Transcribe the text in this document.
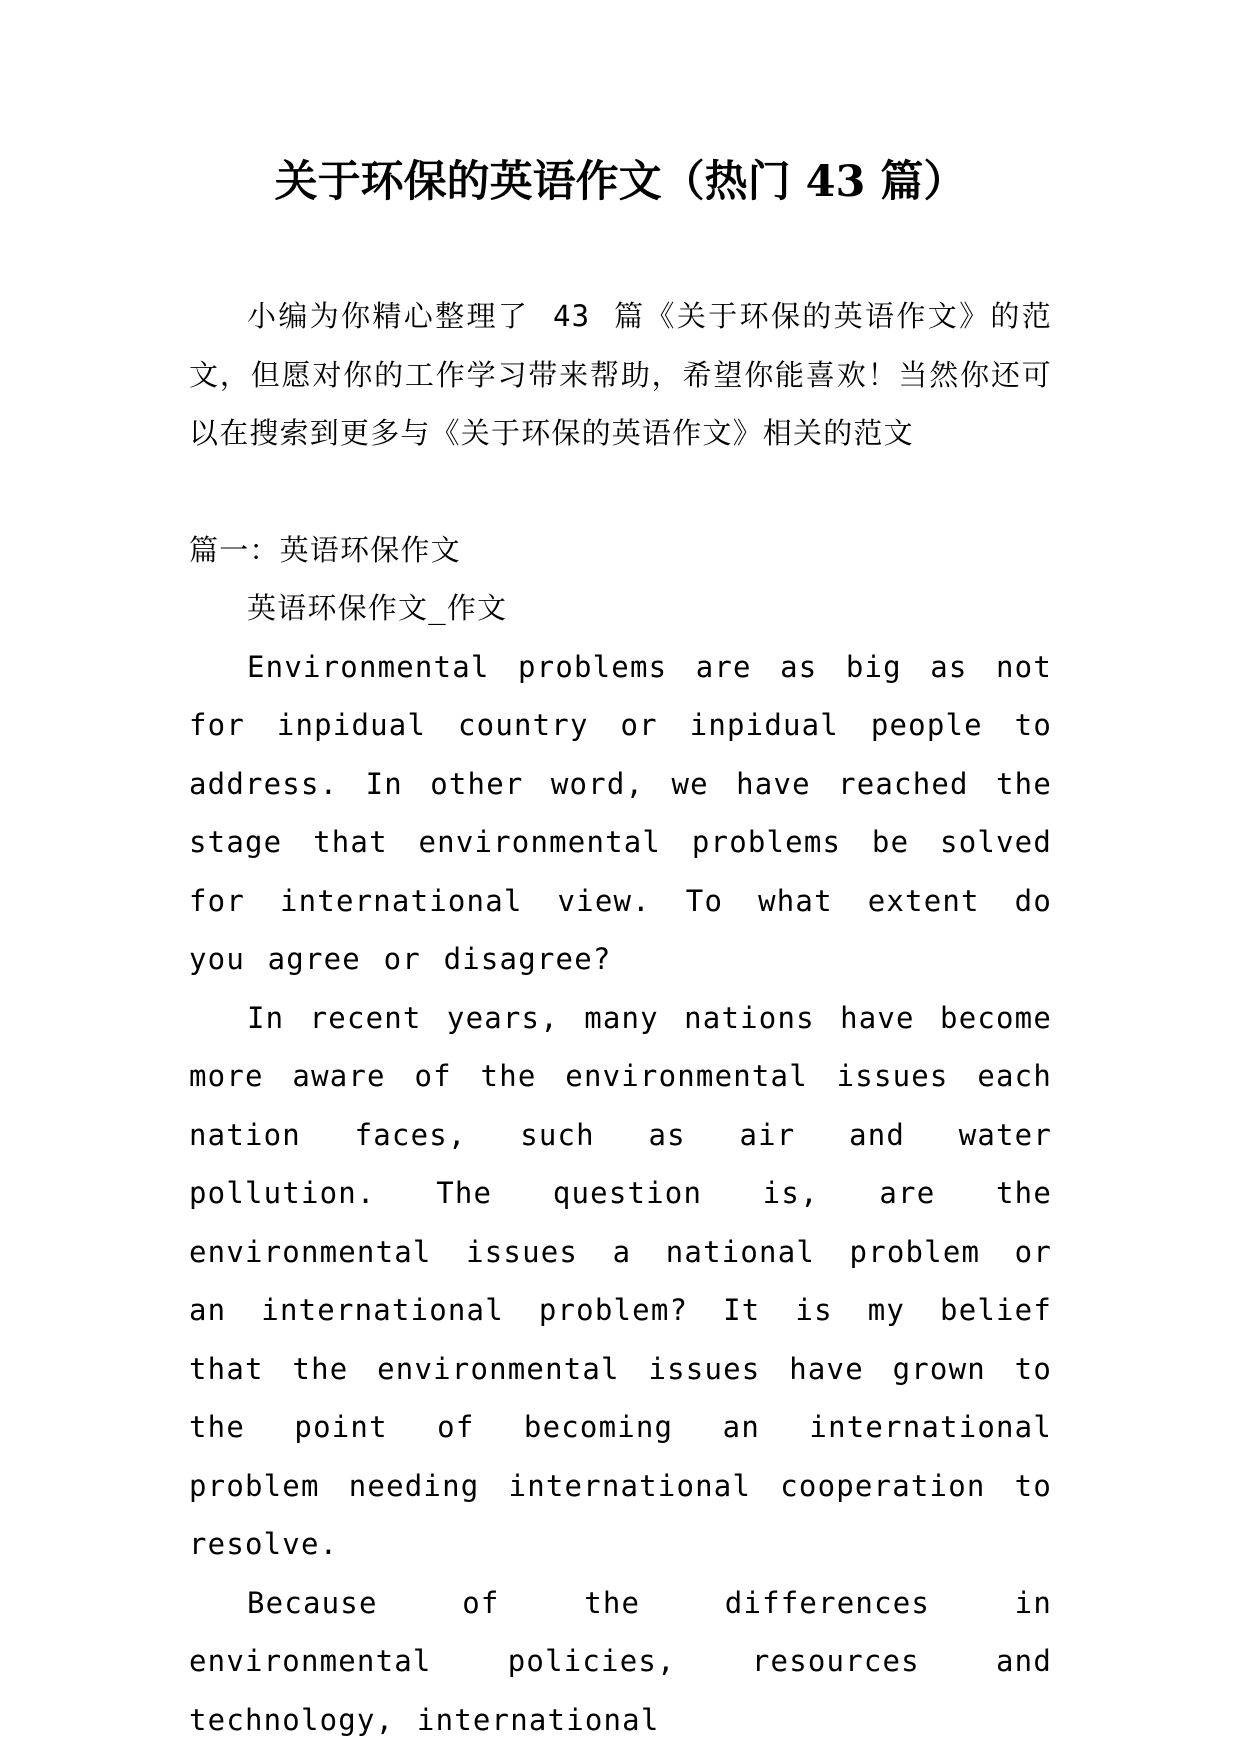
关于环保的英语作文（热门 43 篇）

小编为你精心整理了 43 篇《关于环保的英语作文》的范文，但愿对你的工作学习带来帮助，希望你能喜欢！当然你还可以在搜索到更多与《关于环保的英语作文》相关的范文

篇一：英语环保作文

英语环保作文_作文

Environmental problems are as big as not for inpidual country or inpidual people to address. In other word, we have reached the stage that environmental problems be solved for international view. To what extent do you agree or disagree?

In recent years, many nations have become more aware of the environmental issues each nation faces, such as air and water pollution. The question is, are the environmental issues a national problem or an international problem? It is my belief that the environmental issues have grown to the point of becoming an international problem needing international cooperation to resolve.

Because of the differences in environmental policies, resources and technology, international
